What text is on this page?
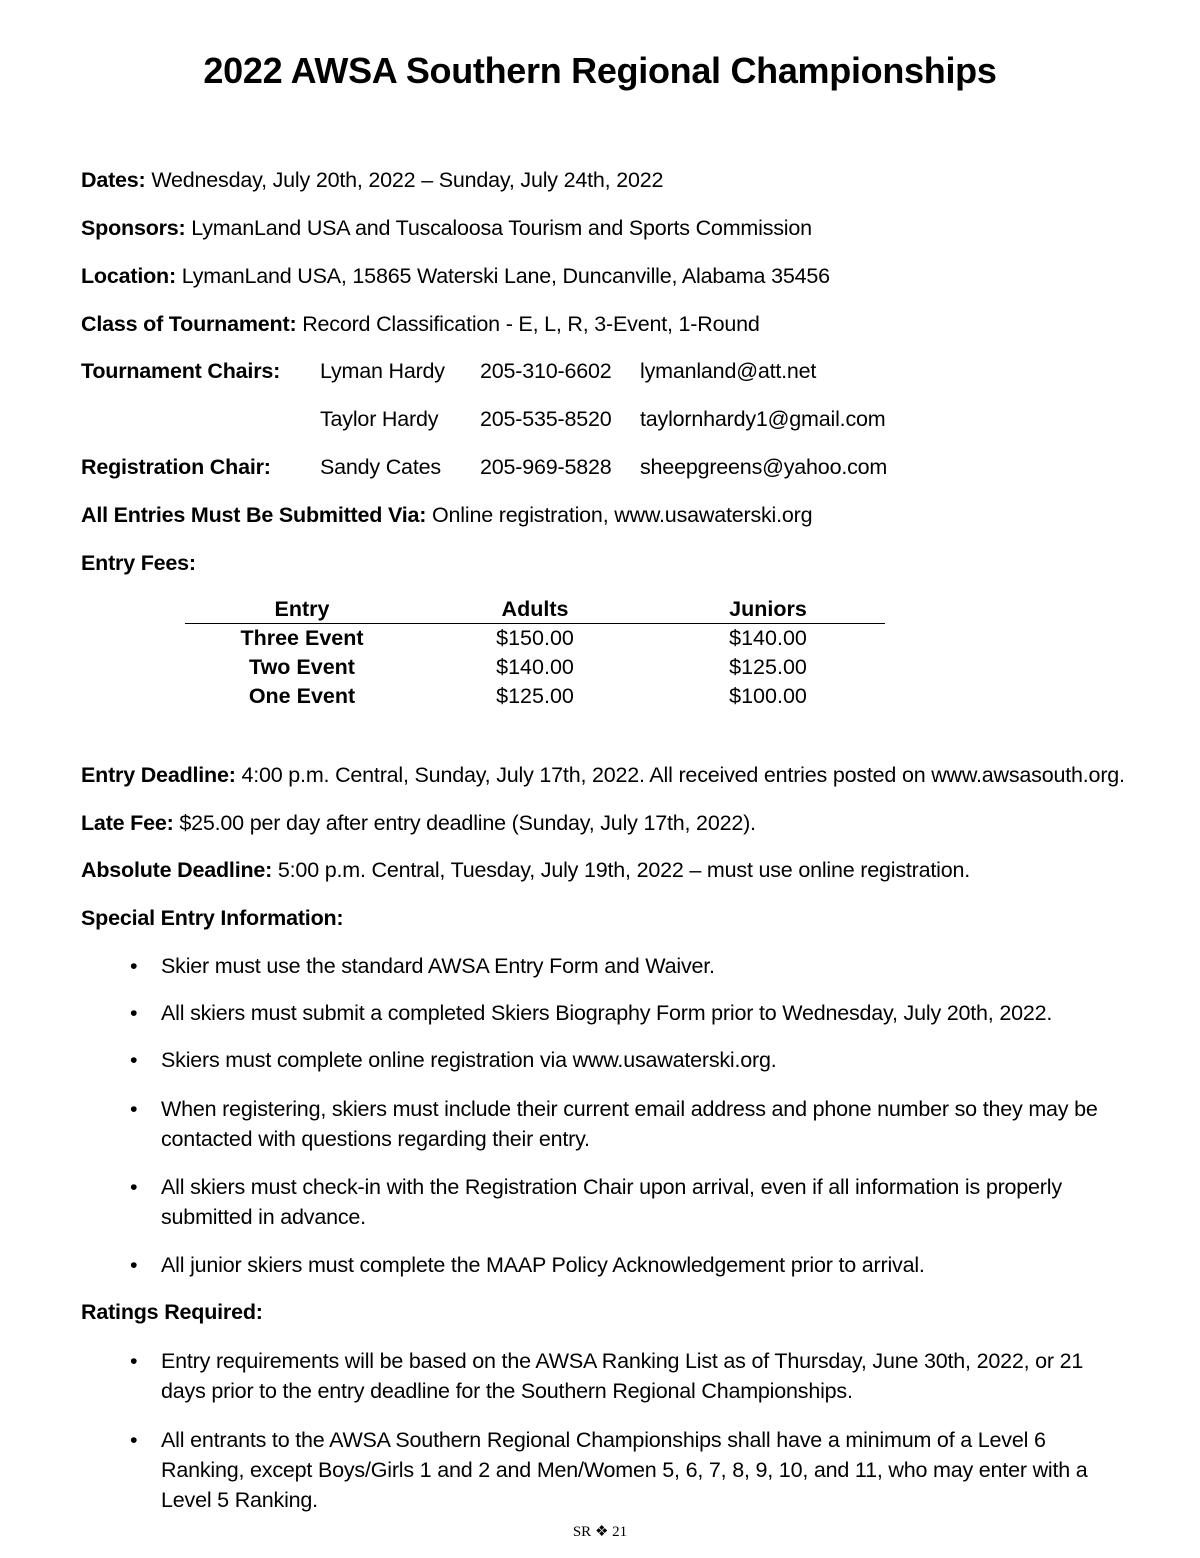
2022 AWSA Southern Regional Championships
Dates: Wednesday, July 20th, 2022 – Sunday, July 24th, 2022
Sponsors: LymanLand USA and Tuscaloosa Tourism and Sports Commission
Location: LymanLand USA, 15865 Waterski Lane, Duncanville, Alabama 35456
Class of Tournament: Record Classification - E, L, R, 3-Event, 1-Round
Tournament Chairs: Lyman Hardy 205-310-6602 lymanland@att.net
Taylor Hardy 205-535-8520 taylornhardy1@gmail.com
Registration Chair: Sandy Cates 205-969-5828 sheepgreens@yahoo.com
All Entries Must Be Submitted Via: Online registration, www.usawaterski.org
Entry Fees:
Entry	Adults	Juniors
Three Event	$150.00	$140.00
Two Event	$140.00	$125.00
One Event	$125.00	$100.00
Entry Deadline: 4:00 p.m. Central, Sunday, July 17th, 2022. All received entries posted on www.awsasouth.org.
Late Fee: $25.00 per day after entry deadline (Sunday, July 17th, 2022).
Absolute Deadline: 5:00 p.m. Central, Tuesday, July 19th, 2022 – must use online registration.
Special Entry Information:
• Skier must use the standard AWSA Entry Form and Waiver.
• All skiers must submit a completed Skiers Biography Form prior to Wednesday, July 20th, 2022.
• Skiers must complete online registration via www.usawaterski.org.
• When registering, skiers must include their current email address and phone number so they may be contacted with questions regarding their entry.
• All skiers must check-in with the Registration Chair upon arrival, even if all information is properly submitted in advance.
• All junior skiers must complete the MAAP Policy Acknowledgement prior to arrival.
Ratings Required:
• Entry requirements will be based on the AWSA Ranking List as of Thursday, June 30th, 2022, or 21 days prior to the entry deadline for the Southern Regional Championships.
• All entrants to the AWSA Southern Regional Championships shall have a minimum of a Level 6 Ranking, except Boys/Girls 1 and 2 and Men/Women 5, 6, 7, 8, 9, 10, and 11, who may enter with a Level 5 Ranking.
SR ❖ 21
